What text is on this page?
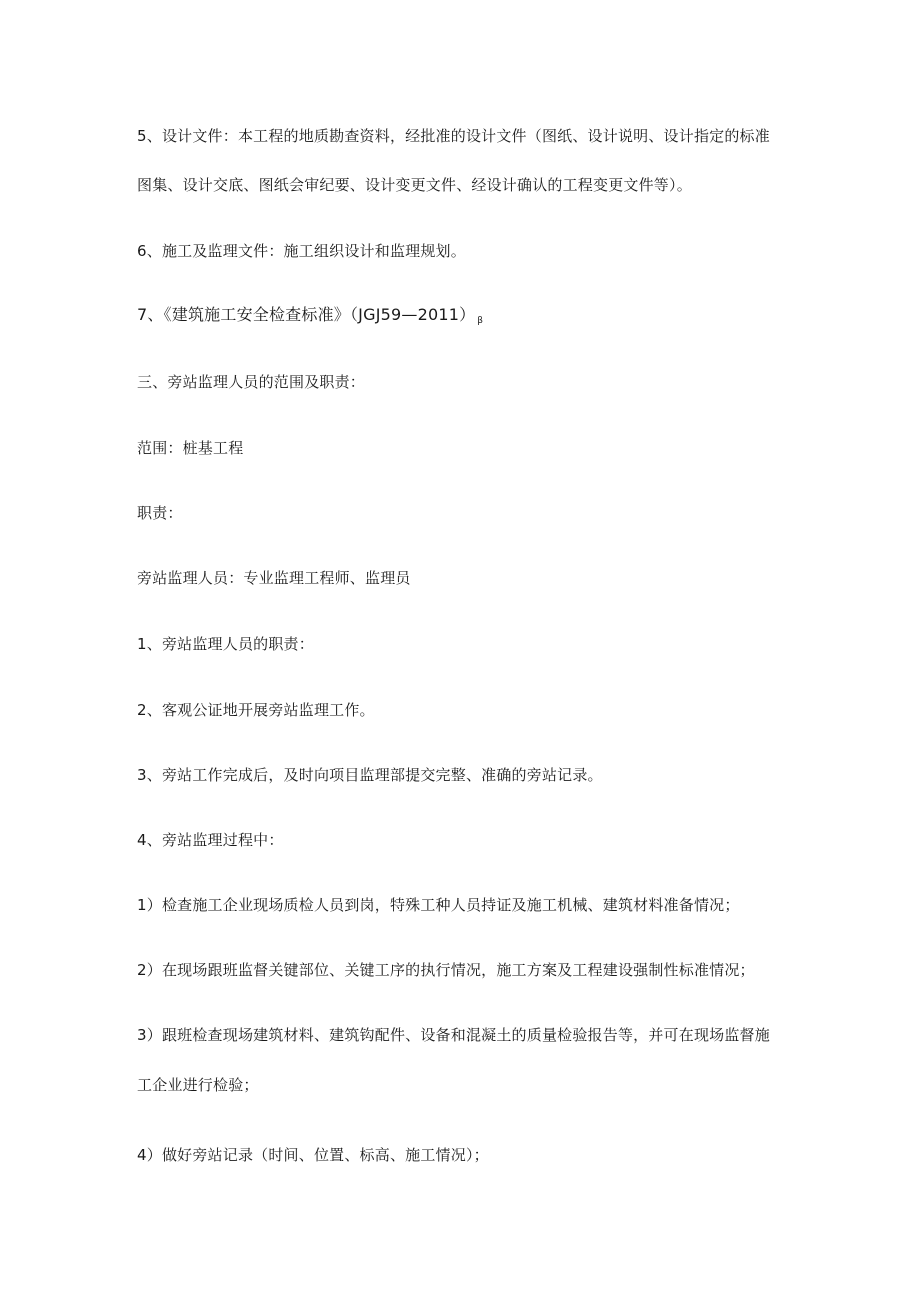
5、设计文件：本工程的地质勘查资料，经批准的设计文件（图纸、设计说明、设计指定的标准
图集、设计交底、图纸会审纪要、设计变更文件、经设计确认的工程变更文件等）。
6、施工及监理文件：施工组织设计和监理规划。
7、《建筑施工安全检查标准》（JGJ59—2011） $_\beta$
三、旁站监理人员的范围及职责：
范围：桩基工程
职责：
旁站监理人员：专业监理工程师、监理员
1、旁站监理人员的职责：
2、客观公证地开展旁站监理工作。
3、旁站工作完成后，及时向项目监理部提交完整、准确的旁站记录。
4、旁站监理过程中：
1）检查施工企业现场质检人员到岗，特殊工种人员持证及施工机械、建筑材料准备情况；
2）在现场跟班监督关键部位、关键工序的执行情况，施工方案及工程建设强制性标准情况；
3）跟班检查现场建筑材料、建筑钩配件、设备和混凝土的质量检验报告等，并可在现场监督施
工企业进行检验；
4）做好旁站记录（时间、位置、标高、施工情况）；
